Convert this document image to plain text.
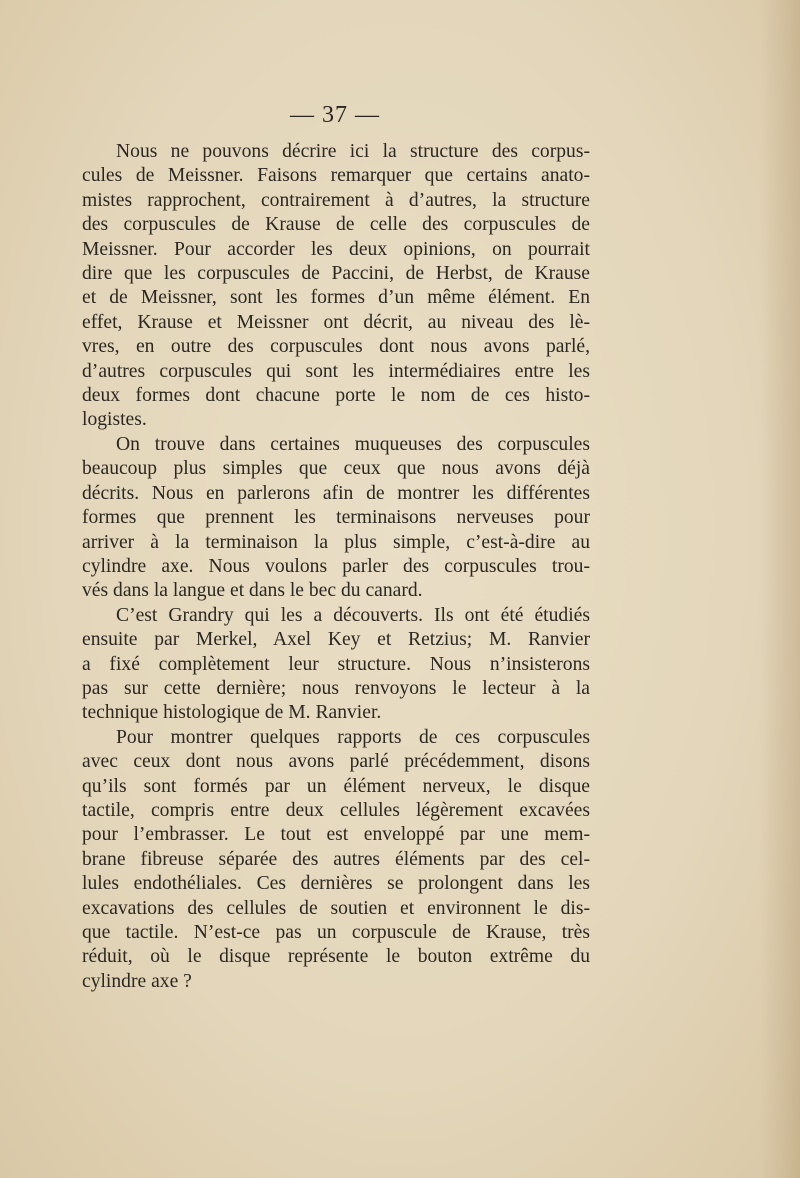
— 37 —
Nous ne pouvons décrire ici la structure des corpus-
cules de Meissner. Faisons remarquer que certains anato-
mistes rapprochent, contrairement à d’autres, la structure
des corpuscules de Krause de celle des corpuscules de
Meissner. Pour accorder les deux opinions, on pourrait
dire que les corpuscules de Paccini, de Herbst, de Krause
et de Meissner, sont les formes d’un même élément. En
effet, Krause et Meissner ont décrit, au niveau des lè-
vres, en outre des corpuscules dont nous avons parlé,
d’autres corpuscules qui sont les intermédiaires entre les
deux formes dont chacune porte le nom de ces histo-
logistes.
On trouve dans certaines muqueuses des corpuscules
beaucoup plus simples que ceux que nous avons déjà
décrits. Nous en parlerons afin de montrer les différentes
formes que prennent les terminaisons nerveuses pour
arriver à la terminaison la plus simple, c’est-à-dire au
cylindre axe. Nous voulons parler des corpuscules trou-
vés dans la langue et dans le bec du canard.
C’est Grandry qui les a découverts. Ils ont été étudiés
ensuite par Merkel, Axel Key et Retzius; M. Ranvier
a fixé complètement leur structure. Nous n’insisterons
pas sur cette dernière; nous renvoyons le lecteur à la
technique histologique de M. Ranvier.
Pour montrer quelques rapports de ces corpuscules
avec ceux dont nous avons parlé précédemment, disons
qu’ils sont formés par un élément nerveux, le disque
tactile, compris entre deux cellules légèrement excavées
pour l’embrasser. Le tout est enveloppé par une mem-
brane fibreuse séparée des autres éléments par des cel-
lules endothéliales. Ces dernières se prolongent dans les
excavations des cellules de soutien et environnent le dis-
que tactile. N’est-ce pas un corpuscule de Krause, très
réduit, où le disque représente le bouton extrême du
cylindre axe ?
